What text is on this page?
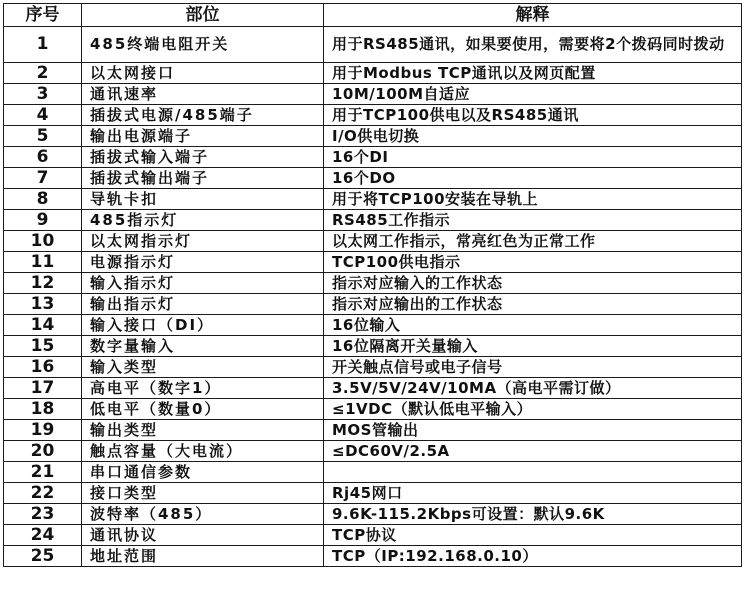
序号	部位	解释
1	485终端电阻开关	用于RS485通讯，如果要使用，需要将2个拨码同时拨动
2	以太网接口	用于Modbus TCP通讯以及网页配置
3	通讯速率	10M/100M自适应
4	插拔式电源/485端子	用于TCP100供电以及RS485通讯
5	输出电源端子	I/O供电切换
6	插拔式输入端子	16个DI
7	插拔式输出端子	16个DO
8	导轨卡扣	用于将TCP100安装在导轨上
9	485指示灯	RS485工作指示
10	以太网指示灯	以太网工作指示，常亮红色为正常工作
11	电源指示灯	TCP100供电指示
12	输入指示灯	指示对应输入的工作状态
13	输出指示灯	指示对应输出的工作状态
14	输入接口（DI）	16位输入
15	数字量输入	16位隔离开关量输入
16	输入类型	开关触点信号或电子信号
17	高电平（数字1）	3.5V/5V/24V/10MA（高电平需订做）
18	低电平（数量0）	≤1VDC（默认低电平输入）
19	输出类型	MOS管输出
20	触点容量（大电流）	≤DC60V/2.5A
21	串口通信参数	
22	接口类型	Rj45网口
23	波特率（485）	9.6K-115.2Kbps可设置：默认9.6K
24	通讯协议	TCP协议
25	地址范围	TCP（IP:192.168.0.10）
